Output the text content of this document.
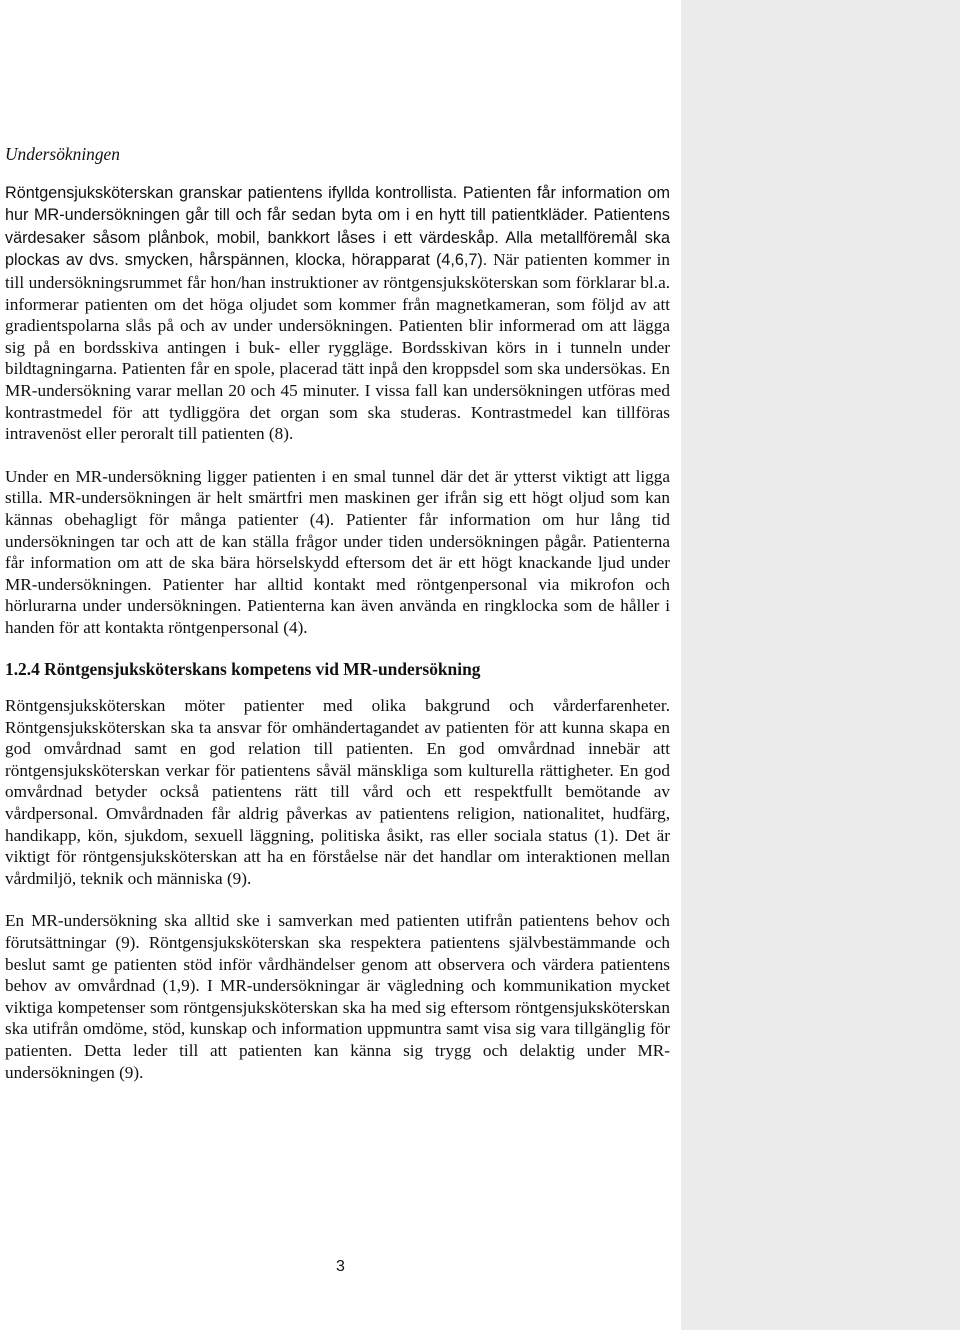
Undersökningen

Röntgensjuksköterskan granskar patientens ifyllda kontrollista. Patienten får information om hur MR-undersökningen går till och får sedan byta om i en hytt till patientkläder. Patientens värdesaker såsom plånbok, mobil, bankkort låses i ett värdeskåp. Alla metallföremål ska plockas av dvs. smycken, hårspännen, klocka, hörapparat (4,6,7). När patienten kommer in till undersökningsrummet får hon/han instruktioner av röntgensjuksköterskan som förklarar bl.a. informerar patienten om det höga oljudet som kommer från magnetkameran, som följd av att gradientspolarna slås på och av under undersökningen. Patienten blir informerad om att lägga sig på en bordsskiva antingen i buk- eller ryggläge. Bordsskivan körs in i tunneln under bildtagningarna. Patienten får en spole, placerad tätt inpå den kroppsdel som ska undersökas. En MR-undersökning varar mellan 20 och 45 minuter. I vissa fall kan undersökningen utföras med kontrastmedel för att tydliggöra det organ som ska studeras. Kontrastmedel kan tillföras intravenöst eller peroralt till patienten (8).

Under en MR-undersökning ligger patienten i en smal tunnel där det är ytterst viktigt att ligga stilla. MR-undersökningen är helt smärtfri men maskinen ger ifrån sig ett högt oljud som kan kännas obehagligt för många patienter (4). Patienter får information om hur lång tid undersökningen tar och att de kan ställa frågor under tiden undersökningen pågår. Patienterna får information om att de ska bära hörselskydd eftersom det är ett högt knackande ljud under MR-undersökningen. Patienter har alltid kontakt med röntgenpersonal via mikrofon och hörlurarna under undersökningen. Patienterna kan även använda en ringklocka som de håller i handen för att kontakta röntgenpersonal (4).

1.2.4 Röntgensjuksköterskans kompetens vid MR-undersökning

Röntgensjuksköterskan möter patienter med olika bakgrund och vårderfarenheter. Röntgensjuksköterskan ska ta ansvar för omhändertagandet av patienten för att kunna skapa en god omvårdnad samt en god relation till patienten. En god omvårdnad innebär att röntgensjuksköterskan verkar för patientens såväl mänskliga som kulturella rättigheter. En god omvårdnad betyder också patientens rätt till vård och ett respektfullt bemötande av vårdpersonal. Omvårdnaden får aldrig påverkas av patientens religion, nationalitet, hudfärg, handikapp, kön, sjukdom, sexuell läggning, politiska åsikt, ras eller sociala status (1). Det är viktigt för röntgensjuksköterskan att ha en förståelse när det handlar om interaktionen mellan vårdmiljö, teknik och människa (9).

En MR-undersökning ska alltid ske i samverkan med patienten utifrån patientens behov och förutsättningar (9). Röntgensjuksköterskan ska respektera patientens självbestämmande och beslut samt ge patienten stöd inför vårdhändelser genom att observera och värdera patientens behov av omvårdnad (1,9). I MR-undersökningar är vägledning och kommunikation mycket viktiga kompetenser som röntgensjuksköterskan ska ha med sig eftersom röntgensjuksköterskan ska utifrån omdöme, stöd, kunskap och information uppmuntra samt visa sig vara tillgänglig för patienten. Detta leder till att patienten kan känna sig trygg och delaktig under MR-undersökningen (9).

3
